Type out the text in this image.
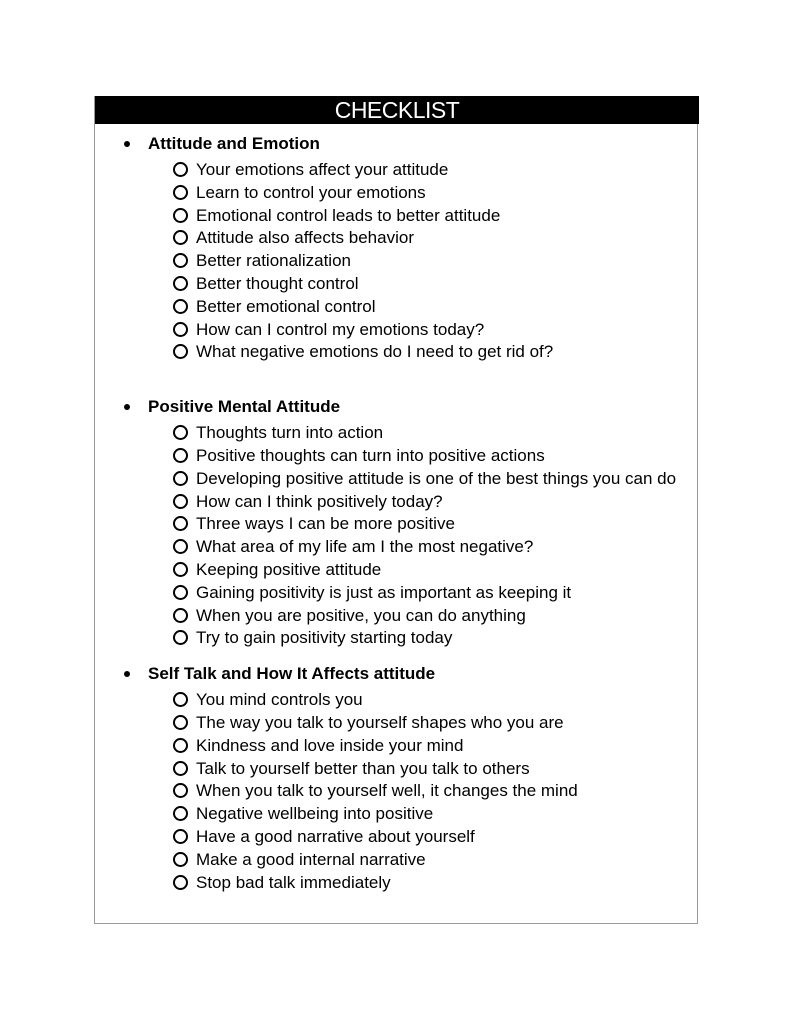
CHECKLIST
Attitude and Emotion
Your emotions affect your attitude
Learn to control your emotions
Emotional control leads to better attitude
Attitude also affects behavior
Better rationalization
Better thought control
Better emotional control
How can I control my emotions today?
What negative emotions do I need to get rid of?
Positive Mental Attitude
Thoughts turn into action
Positive thoughts can turn into positive actions
Developing positive attitude is one of the best things you can do
How can I think positively today?
Three ways I can be more positive
What area of my life am I the most negative?
Keeping positive attitude
Gaining positivity is just as important as keeping it
When you are positive, you can do anything
Try to gain positivity starting today
Self Talk and How It Affects attitude
You mind controls you
The way you talk to yourself shapes who you are
Kindness and love inside your mind
Talk to yourself better than you talk to others
When you talk to yourself well, it changes the mind
Negative wellbeing into positive
Have a good narrative about yourself
Make a good internal narrative
Stop bad talk immediately
